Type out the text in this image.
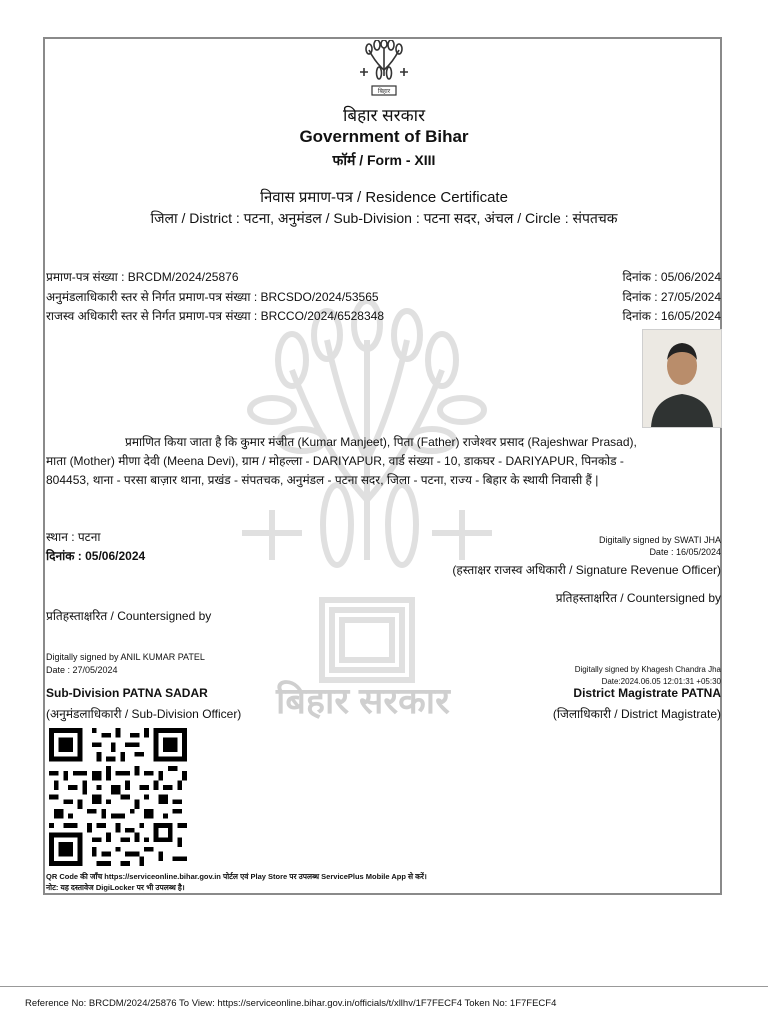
बिहार सरकार
बिहार
बिहार सरकार
Government of Bihar
फॉर्म / Form - XIII
निवास प्रमाण-पत्र / Residence Certificate
जिला / District : पटना, अनुमंडल / Sub-Division : पटना सदर, अंचल / Circle : संपतचक
प्रमाण-पत्र संख्या : BRCDM/2024/25876	दिनांक : 05/06/2024
अनुमंडलाधिकारी स्तर से निर्गत प्रमाण-पत्र संख्या : BRCSDO/2024/53565	दिनांक : 27/05/2024
राजस्व अधिकारी स्तर से निर्गत प्रमाण-पत्र संख्या : BRCCO/2024/6528348	दिनांक : 16/05/2024
प्रमाणित किया जाता है कि कुमार मंजीत (Kumar Manjeet), पिता (Father) राजेश्वर प्रसाद (Rajeshwar Prasad),
माता (Mother) मीणा देवी (Meena Devi), ग्राम / मोहल्ला - DARIYAPUR, वार्ड संख्या - 10, डाकघर - DARIYAPUR, पिनकोड -
804453, थाना - परसा बाज़ार थाना, प्रखंड - संपतचक, अनुमंडल - पटना सदर, जिला - पटना, राज्य - बिहार के स्थायी निवासी हैं |
स्थान : पटना
दिनांक : 05/06/2024
Digitally signed by SWATI JHA
Date : 16/05/2024
(हस्ताक्षर राजस्व अधिकारी / Signature Revenue Officer)
प्रतिहस्ताक्षरित / Countersigned by
प्रतिहस्ताक्षरित / Countersigned by
Digitally signed by ANIL KUMAR PATEL
Date : 27/05/2024
Sub-Division PATNA SADAR
(अनुमंडलाधिकारी / Sub-Division Officer)
Digitally signed by Khagesh Chandra Jha
Date:2024.06.05 12:01:31 +05:30
District Magistrate PATNA
(जिलाधिकारी / District Magistrate)
QR Code की जाँच https://serviceonline.bihar.gov.in पोर्टल एवं Play Store पर उपलब्ध ServicePlus Mobile App से करें।
नोट: यह दस्तावेज DigiLocker पर भी उपलब्ध है।
Reference No: BRCDM/2024/25876 To View: https://serviceonline.bihar.gov.in/officials/t/xllhv/1F7FECF4 Token No: 1F7FECF4
